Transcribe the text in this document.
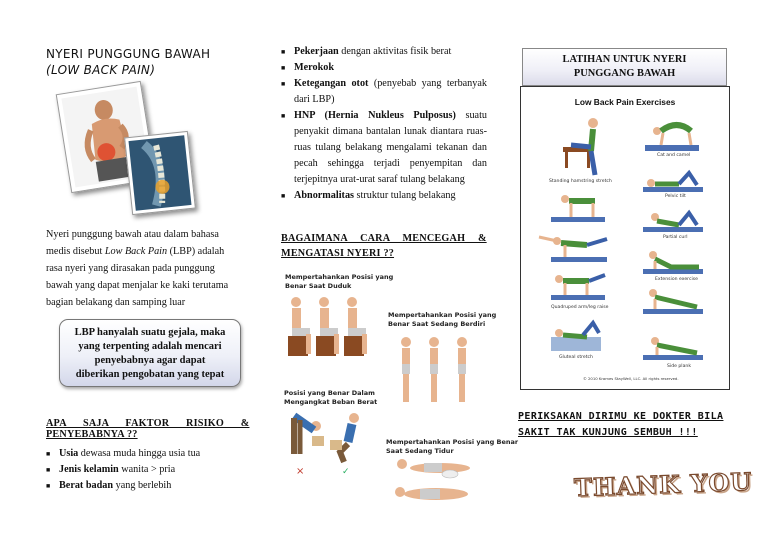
NYERI PUNGGUNG BAWAH
(LOW BACK PAIN)
Nyeri punggung bawah atau dalam bahasa
medis disebut Low Back Pain (LBP) adalah
rasa nyeri yang dirasakan pada punggung
bawah yang dapat menjalar ke kaki terutama
bagian belakang dan samping luar
LBP hanyalah suatu gejala, maka
yang terpenting adalah mencari
penyebabnya agar dapat
diberikan pengobatan yang tepat
APA SAJA FAKTOR RISIKO &
PENYEBABNYA ??
■ Usia dewasa muda hingga usia tua
■ Jenis kelamin wanita > pria
■ Berat badan yang berlebih
■ Pekerjaan dengan aktivitas fisik berat
■ Merokok
■ Ketegangan otot (penyebab yang terbanyak dari LBP)
■ HNP (Hernia Nukleus Pulposus) suatu penyakit dimana bantalan lunak diantara ruas-ruas tulang belakang mengalami tekanan dan pecah sehingga terjadi penyempitan dan terjepitnya urat-urat saraf tulang belakang
■ Abnormalitas struktur tulang belakang
BAGAIMANA CARA MENCEGAH &
MENGATASI NYERI ??
Mempertahankan Posisi yang
Benar Saat Duduk
Mempertahankan Posisi yang
Benar Saat Sedang Berdiri
Posisi yang Benar Dalam
Mengangkat Beban Berat
×	✓
Mempertahankan Posisi yang Benar
Saat Sedang Tidur
LATIHAN UNTUK NYERI
PUNGGANG BAWAH
Low Back Pain Exercises
Cat and camel
Standing hamstring stretch
Pelvic tilt
Partial curl
Extension exercise
Quadruped arm/leg raise
Gluteal stretch
Side plank
© 2010 Krames StayWell, LLC. All rights reserved.
PERIKSAKAN DIRIMU KE DOKTER BILA
SAKIT TAK KUNJUNG SEMBUH !!!
THANK YOU
